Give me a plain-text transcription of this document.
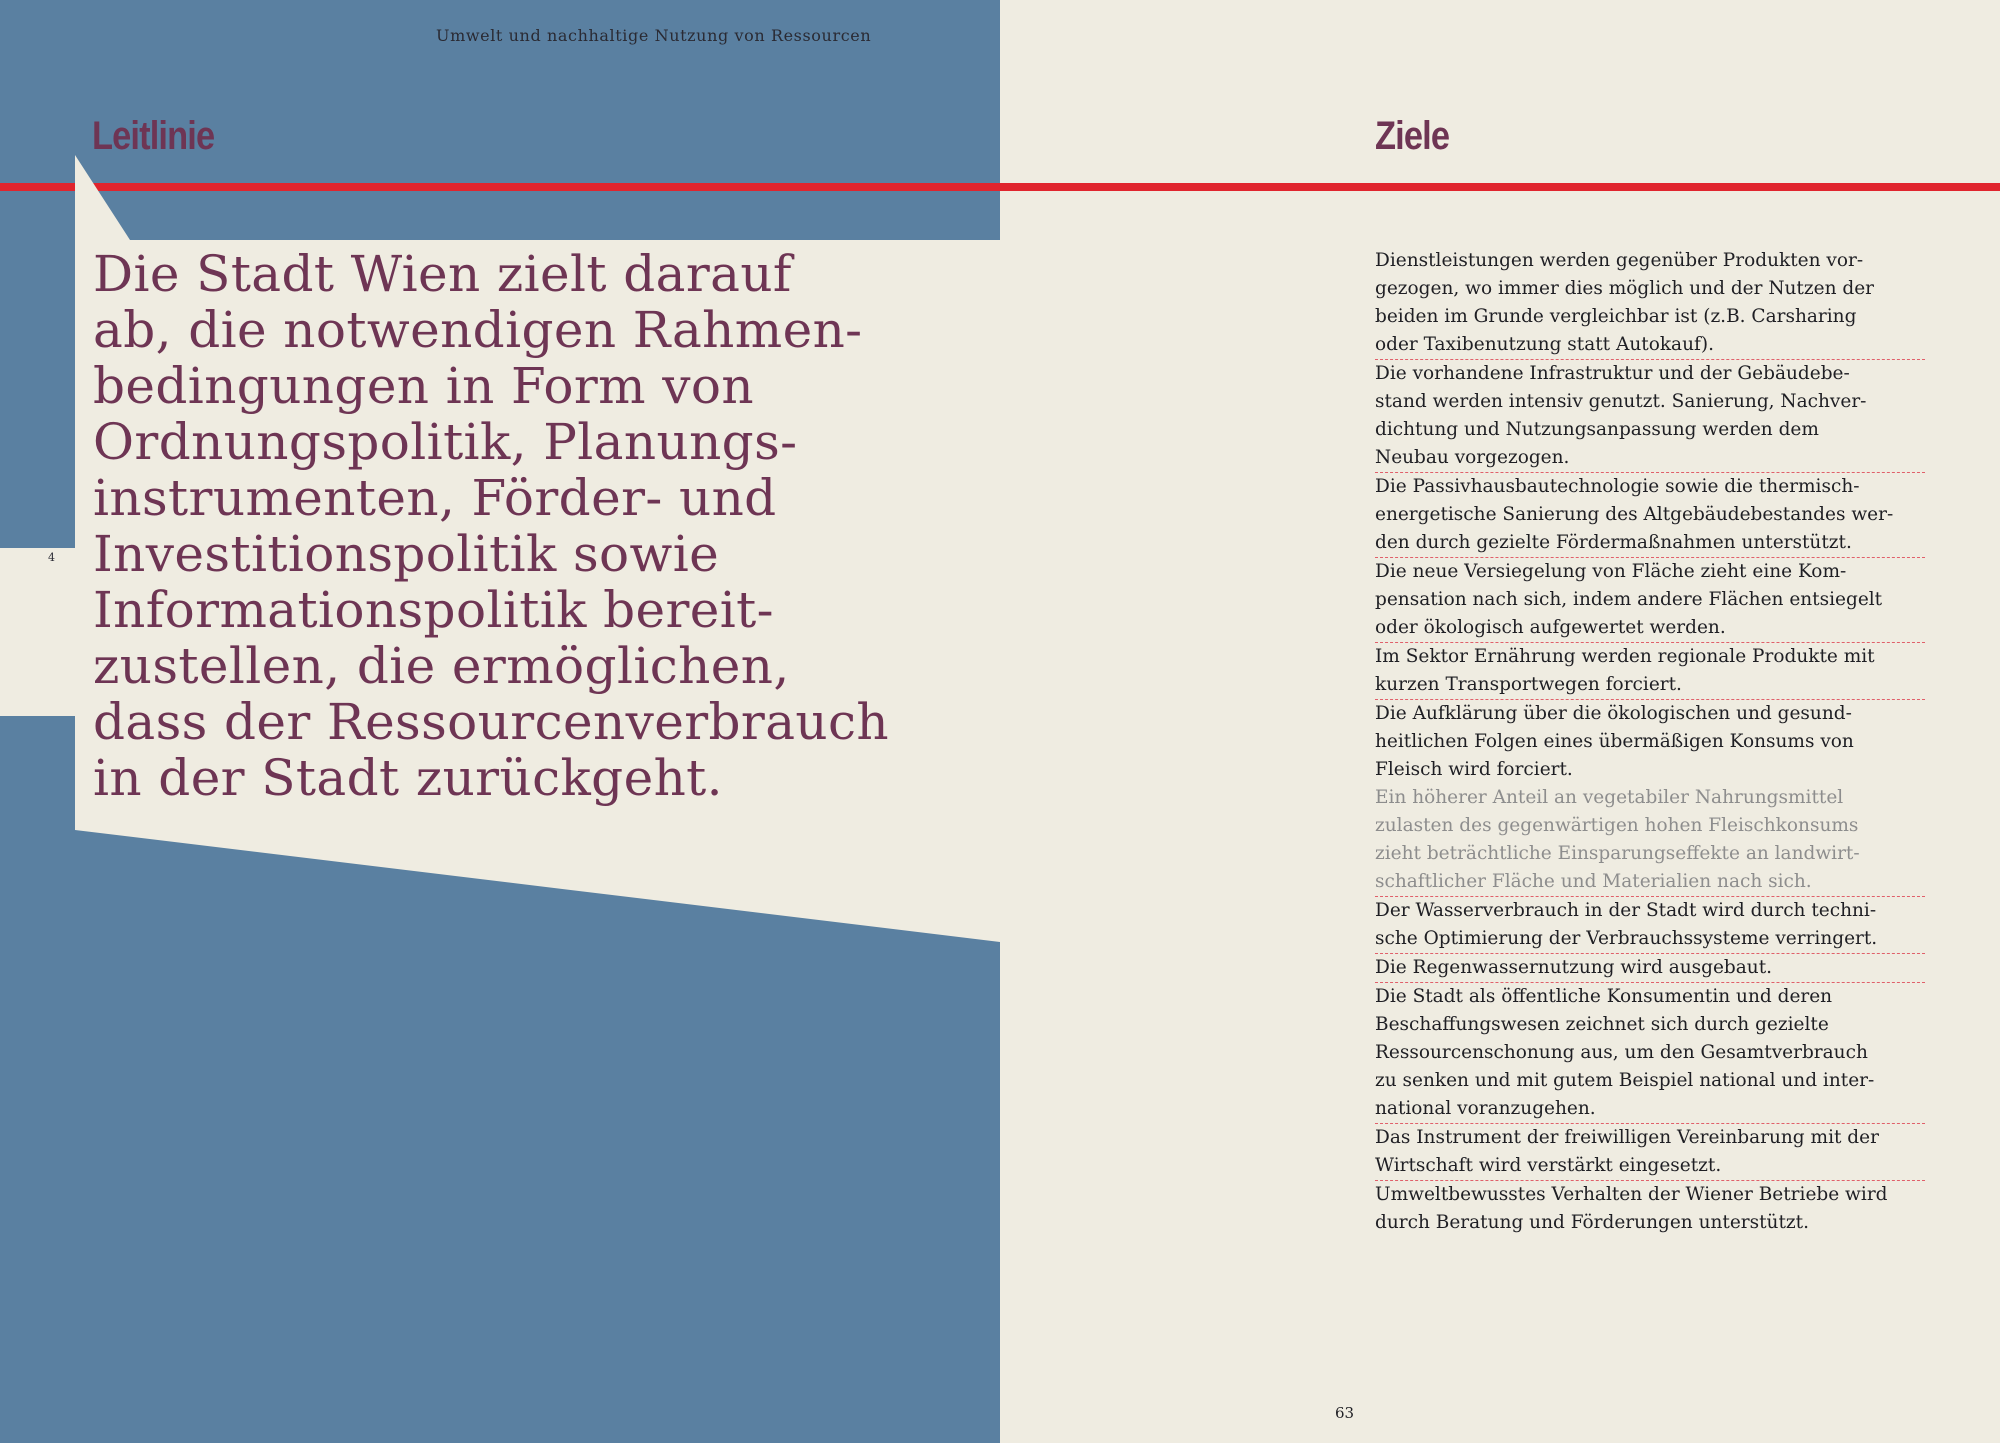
Umwelt und nachhaltige Nutzung von Ressourcen
Leitlinie	Ziele
4
Die Stadt Wien zielt darauf
ab, die notwendigen Rahmen-
bedingungen in Form von
Ordnungspolitik, Planungs-
instrumenten, Förder- und
Investitionspolitik sowie
Informationspolitik bereit-
zustellen, die ermöglichen,
dass der Ressourcenverbrauch
in der Stadt zurückgeht.
Dienstleistungen werden gegenüber Produkten vor-
gezogen, wo immer dies möglich und der Nutzen der
beiden im Grunde vergleichbar ist (z.B. Carsharing
oder Taxibenutzung statt Autokauf).
Die vorhandene Infrastruktur und der Gebäudebe-
stand werden intensiv genutzt. Sanierung, Nachver-
dichtung und Nutzungsanpassung werden dem
Neubau vorgezogen.
Die Passivhausbautechnologie sowie die thermisch-
energetische Sanierung des Altgebäudebestandes wer-
den durch gezielte Fördermaßnahmen unterstützt.
Die neue Versiegelung von Fläche zieht eine Kom-
pensation nach sich, indem andere Flächen entsiegelt
oder ökologisch aufgewertet werden.
Im Sektor Ernährung werden regionale Produkte mit
kurzen Transportwegen forciert.
Die Aufklärung über die ökologischen und gesund-
heitlichen Folgen eines übermäßigen Konsums von
Fleisch wird forciert.
Ein höherer Anteil an vegetabiler Nahrungsmittel
zulasten des gegenwärtigen hohen Fleischkonsums
zieht beträchtliche Einsparungseffekte an landwirt-
schaftlicher Fläche und Materialien nach sich.
Der Wasserverbrauch in der Stadt wird durch techni-
sche Optimierung der Verbrauchssysteme verringert.
Die Regenwassernutzung wird ausgebaut.
Die Stadt als öffentliche Konsumentin und deren
Beschaffungswesen zeichnet sich durch gezielte
Ressourcenschonung aus, um den Gesamtverbrauch
zu senken und mit gutem Beispiel national und inter-
national voranzugehen.
Das Instrument der freiwilligen Vereinbarung mit der
Wirtschaft wird verstärkt eingesetzt.
Umweltbewusstes Verhalten der Wiener Betriebe wird
durch Beratung und Förderungen unterstützt.
63
